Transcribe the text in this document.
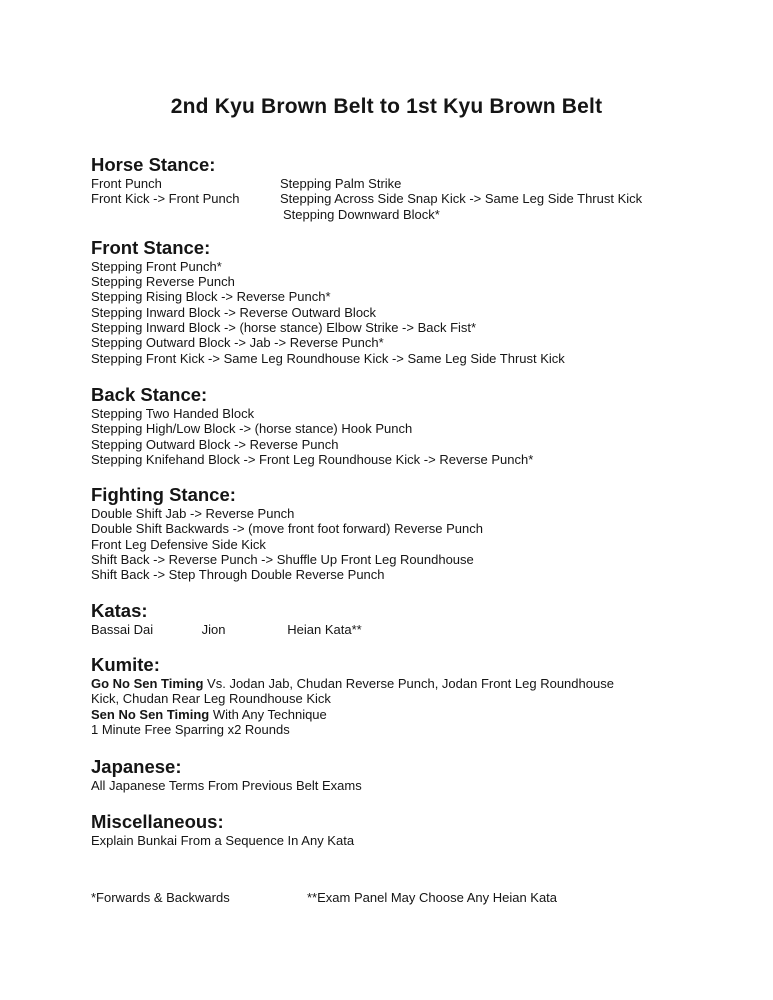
2nd Kyu Brown Belt to 1st Kyu Brown Belt
Horse Stance:
Front Punch	Stepping Palm Strike
Front Kick -> Front Punch	Stepping Across Side Snap Kick -> Same Leg Side Thrust Kick
Stepping Downward Block*
Front Stance:
Stepping Front Punch*
Stepping Reverse Punch
Stepping Rising Block -> Reverse Punch*
Stepping Inward Block -> Reverse Outward Block
Stepping Inward Block -> (horse stance) Elbow Strike -> Back Fist*
Stepping Outward Block -> Jab -> Reverse Punch*
Stepping Front Kick -> Same Leg Roundhouse Kick -> Same Leg Side Thrust Kick
Back Stance:
Stepping Two Handed Block
Stepping High/Low Block -> (horse stance) Hook Punch
Stepping Outward Block -> Reverse Punch
Stepping Knifehand Block -> Front Leg Roundhouse Kick -> Reverse Punch*
Fighting Stance:
Double Shift Jab -> Reverse Punch
Double Shift Backwards -> (move front foot forward) Reverse Punch
Front Leg Defensive Side Kick
Shift Back -> Reverse Punch -> Shuffle Up Front Leg Roundhouse
Shift Back -> Step Through Double Reverse Punch
Katas:
Bassai Dai	Jion	Heian Kata**
Kumite:
Go No Sen Timing Vs. Jodan Jab, Chudan Reverse Punch, Jodan Front Leg Roundhouse
Kick, Chudan Rear Leg Roundhouse Kick
Sen No Sen Timing With Any Technique
1 Minute Free Sparring x2 Rounds
Japanese:
All Japanese Terms From Previous Belt Exams
Miscellaneous:
Explain Bunkai From a Sequence In Any Kata
*Forwards & Backwards	**Exam Panel May Choose Any Heian Kata
